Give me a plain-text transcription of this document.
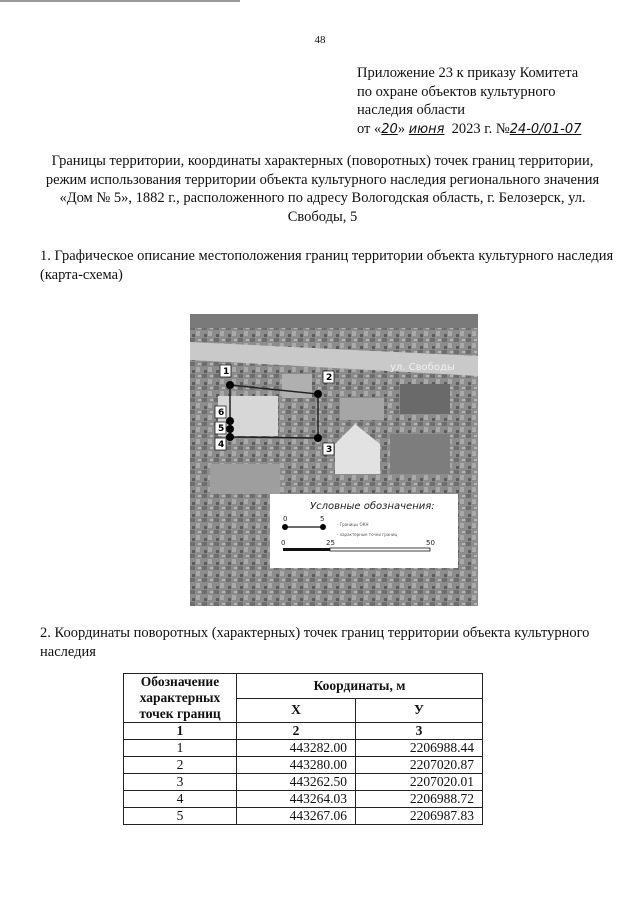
48
Приложение 23 к приказу Комитета
по охране объектов культурного
наследия области
от «20» июня 2023 г. №24-0/01-07
Границы территории, координаты характерных (поворотных) точек границ территории, режим использования территории объекта культурного наследия регионального значения «Дом № 5», 1882 г., расположенного по адресу Вологодская область, г. Белозерск, ул. Свободы, 5
1. Графическое описание местоположения границ территории объекта культурного наследия (карта-схема)
ул. Свободы
1
2
3
4
5
6
Условные обозначения:
0	5
- Границы ОКН
- характерные точки границ
0	25	50
2. Координаты поворотных (характерных) точек границ территории объекта культурного наследия
Обозначение характерных точек границ	Координаты, м	
	Х	У
1	2	3
1	443282.00	2206988.44
2	443280.00	2207020.87
3	443262.50	2207020.01
4	443264.03	2206988.72
5	443267.06	2206987.83
